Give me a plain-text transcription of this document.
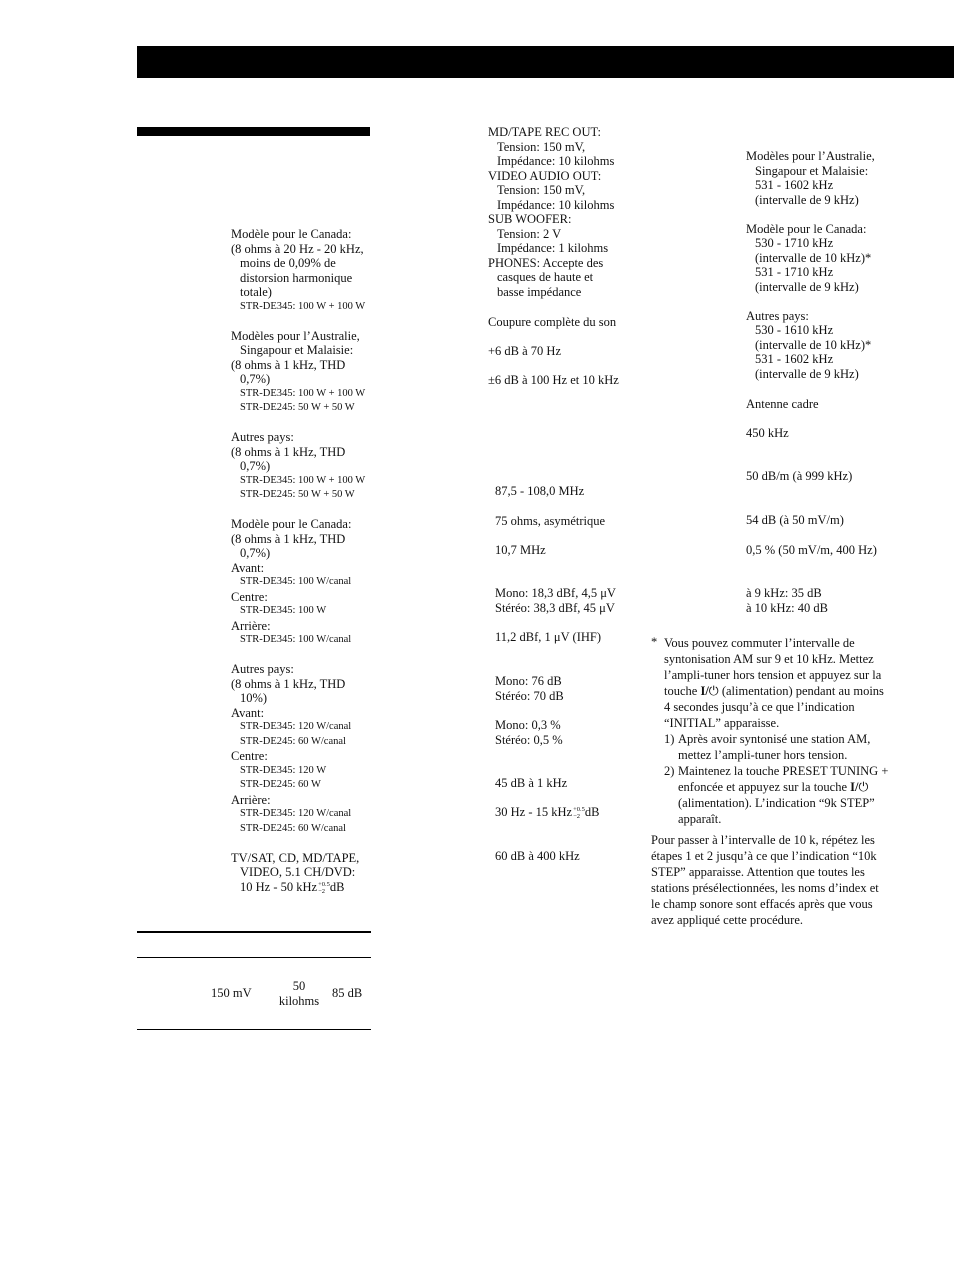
Modèle pour le Canada:
(8 ohms à 20 Hz - 20 kHz,
moins de 0,09% de
distorsion harmonique
totale)
STR-DE345: 100 W + 100 W
Modèles pour l’Australie,
Singapour et Malaisie:
(8 ohms à 1 kHz, THD
0,7%)
STR-DE345: 100 W + 100 W
STR-DE245: 50 W + 50 W
Autres pays:
(8 ohms à 1 kHz, THD
0,7%)
STR-DE345: 100 W + 100 W
STR-DE245: 50 W + 50 W
Modèle pour le Canada:
(8 ohms à 1 kHz, THD
0,7%)
Avant:
STR-DE345: 100 W/canal
Centre:
STR-DE345: 100 W
Arrière:
STR-DE345: 100 W/canal
Autres pays:
(8 ohms à 1 kHz, THD
10%)
Avant:
STR-DE345: 120 W/canal
STR-DE245: 60 W/canal
Centre:
STR-DE345: 120 W
STR-DE245: 60 W
Arrière:
STR-DE345: 120 W/canal
STR-DE245: 60 W/canal
TV/SAT, CD, MD/TAPE,
VIDEO, 5.1 CH/DVD:
10 Hz - 50 kHz +0.5
−2 dB
150 mV	50
kilohms
85 dB
MD/TAPE REC OUT:
Tension: 150 mV,
Impédance: 10 kilohms
VIDEO AUDIO OUT:
Tension: 150 mV,
Impédance: 10 kilohms
SUB WOOFER:
Tension: 2 V
Impédance: 1 kilohms
PHONES: Accepte des
casques de haute et
basse impédance
Coupure complète du son
+6 dB à 70 Hz
±6 dB à 100 Hz et 10 kHz
87,5 - 108,0 MHz
75 ohms, asymétrique
10,7 MHz
Mono: 18,3 dBf, 4,5 μV
Stéréo: 38,3 dBf, 45 μV
11,2 dBf, 1 μV (IHF)
Mono: 76 dB
Stéréo: 70 dB
Mono: 0,3 %
Stéréo: 0,5 %
45 dB à 1 kHz
30 Hz - 15 kHz +0.5
−2 dB
60 dB à 400 kHz
Modèles pour l’Australie,
Singapour et Malaisie:
531 - 1602 kHz
(intervalle de 9 kHz)
Modèle pour le Canada:
530 - 1710 kHz
(intervalle de 10 kHz)*
531 - 1710 kHz
(intervalle de 9 kHz)
Autres pays:
530 - 1610 kHz
(intervalle de 10 kHz)*
531 - 1602 kHz
(intervalle de 9 kHz)
Antenne cadre
450 kHz
50 dB/m (à 999 kHz)
54 dB (à 50 mV/m)
0,5 % (50 mV/m, 400 Hz)
à 9 kHz: 35 dB
à 10 kHz: 40 dB
* Vous pouvez commuter l’intervalle de syntonisation AM sur 9 et 10 kHz. Mettez l’ampli-tuner hors tension et appuyez sur la touche I/⏻ (alimentation) pendant au moins 4 secondes jusqu’à ce que l’indication “INITIAL” apparaisse.
1) Après avoir syntonisé une station AM, mettez l’ampli-tuner hors tension.
2) Maintenez la touche PRESET TUNING + enfoncée et appuyez sur la touche I/⏻ (alimentation). L’indication “9k STEP” apparaît.
Pour passer à l’intervalle de 10 k, répétez les étapes 1 et 2 jusqu’à ce que l’indication “10k STEP” apparaisse. Attention que toutes les stations présélectionnées, les noms d’index et le champ sonore sont effacés après que vous avez appliqué cette procédure.
